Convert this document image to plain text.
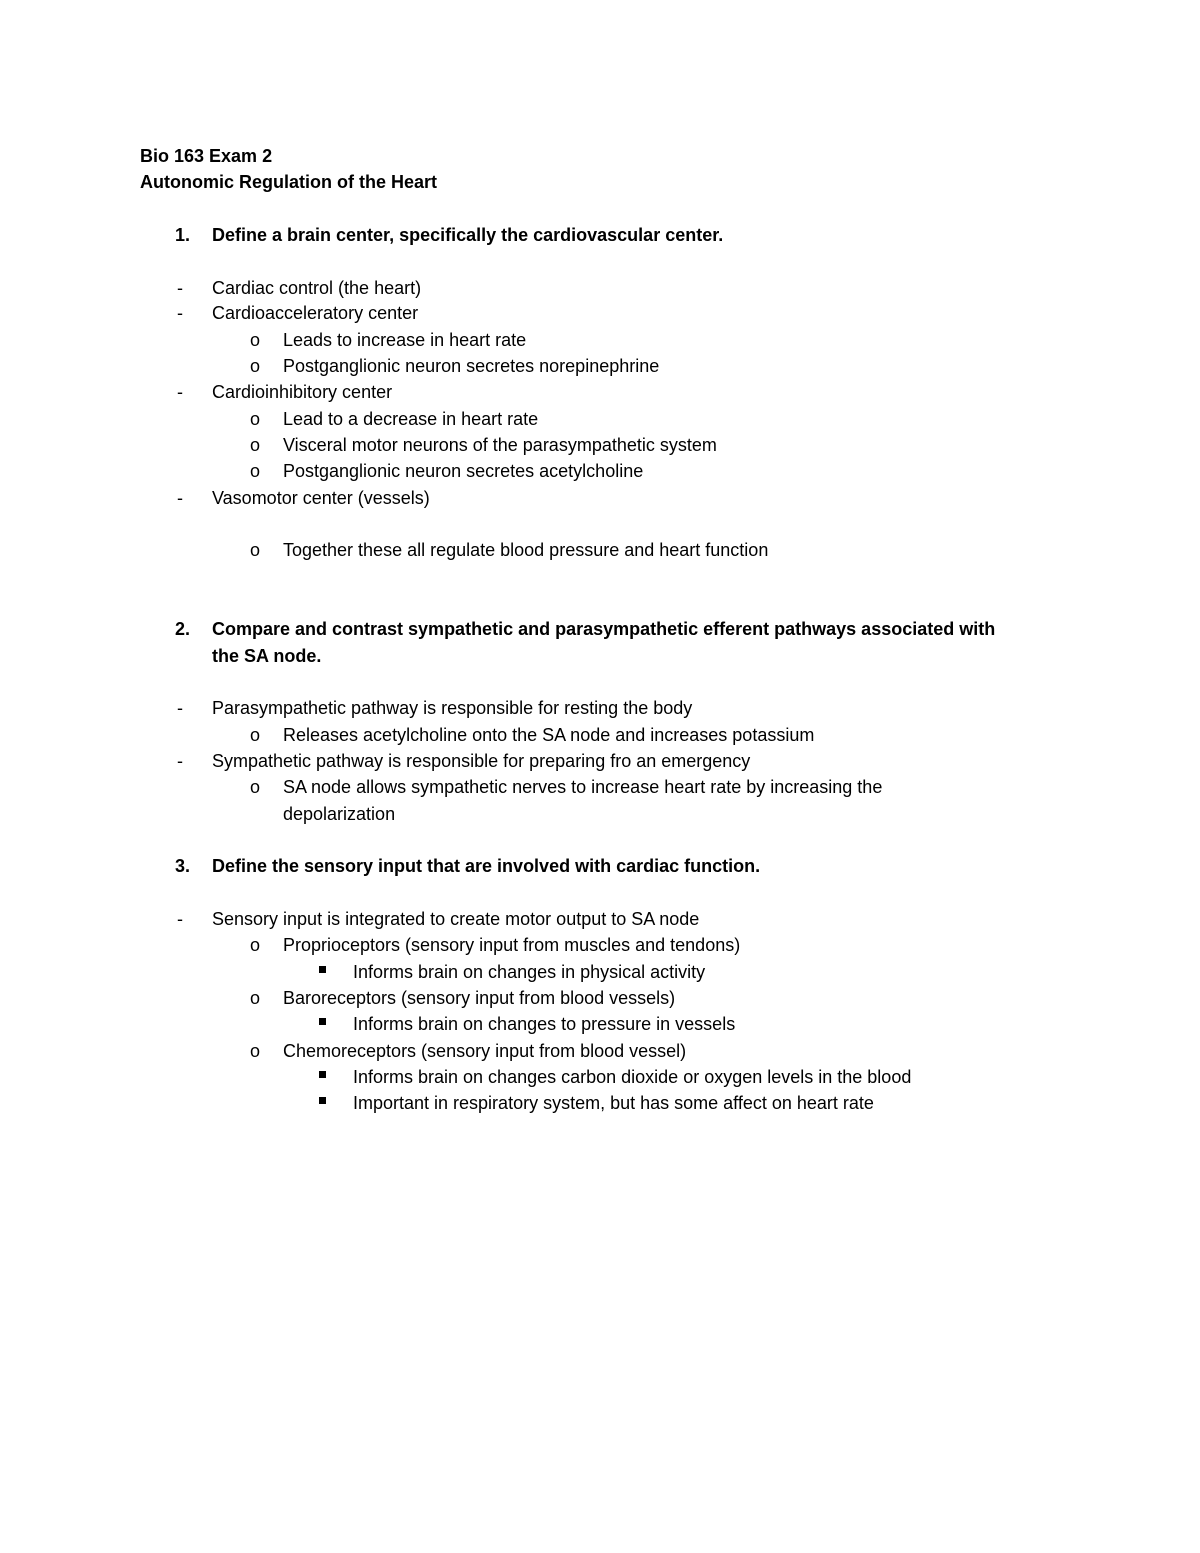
Bio 163 Exam 2
Autonomic Regulation of the Heart
1. Define a brain center, specifically the cardiovascular center.
- Cardiac control (the heart)
- Cardioacceleratory center
o Leads to increase in heart rate
o Postganglionic neuron secretes norepinephrine
- Cardioinhibitory center
o Lead to a decrease in heart rate
o Visceral motor neurons of the parasympathetic system
o Postganglionic neuron secretes acetylcholine
- Vasomotor center (vessels)
o Together these all regulate blood pressure and heart function
2. Compare and contrast sympathetic and parasympathetic efferent pathways associated with
the SA node.
- Parasympathetic pathway is responsible for resting the body
o Releases acetylcholine onto the SA node and increases potassium
- Sympathetic pathway is responsible for preparing fro an emergency
o SA node allows sympathetic nerves to increase heart rate by increasing the
depolarization
3. Define the sensory input that are involved with cardiac function.
- Sensory input is integrated to create motor output to SA node
o Proprioceptors (sensory input from muscles and tendons)
Informs brain on changes in physical activity
o Baroreceptors (sensory input from blood vessels)
Informs brain on changes to pressure in vessels
o Chemoreceptors (sensory input from blood vessel)
Informs brain on changes carbon dioxide or oxygen levels in the blood
Important in respiratory system, but has some affect on heart rate
